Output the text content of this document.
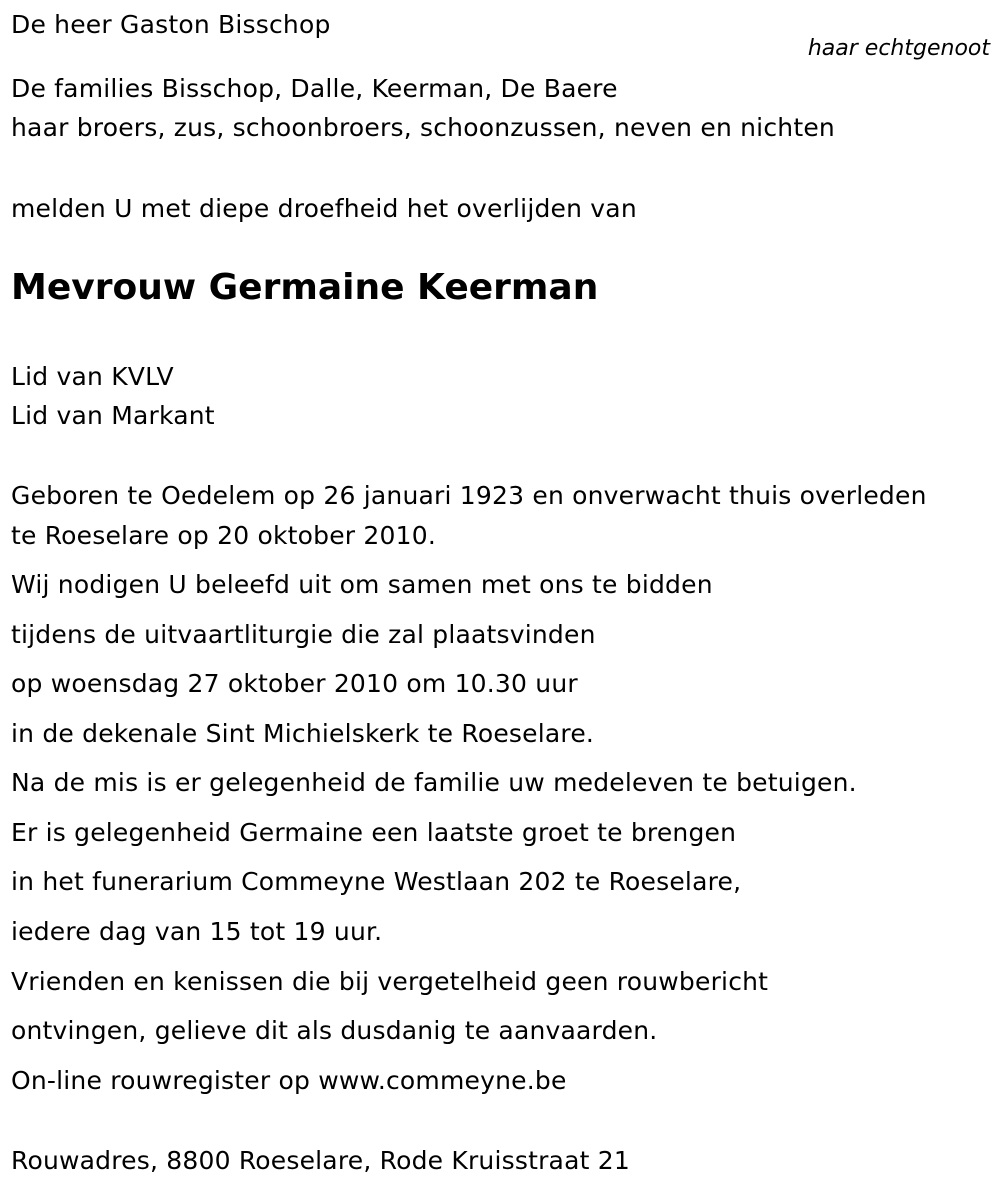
De heer Gaston Bisschop
haar echtgenoot
De families Bisschop, Dalle, Keerman, De Baere
haar broers, zus, schoonbroers, schoonzussen, neven en nichten
melden U met diepe droefheid het overlijden van
Mevrouw Germaine Keerman
Lid van KVLV
Lid van Markant
Geboren te Oedelem op 26 januari 1923 en onverwacht thuis overleden
te Roeselare op 20 oktober 2010.
Wij nodigen U beleefd uit om samen met ons te bidden
tijdens de uitvaartliturgie die zal plaatsvinden
op woensdag 27 oktober 2010 om 10.30 uur
in de dekenale Sint Michielskerk te Roeselare.
Na de mis is er gelegenheid de familie uw medeleven te betuigen.
Er is gelegenheid Germaine een laatste groet te brengen
in het funerarium Commeyne Westlaan 202 te Roeselare,
iedere dag van 15 tot 19 uur.
Vrienden en kenissen die bij vergetelheid geen rouwbericht
ontvingen, gelieve dit als dusdanig te aanvaarden.
On-line rouwregister op www.commeyne.be
Rouwadres, 8800 Roeselare, Rode Kruisstraat 21
